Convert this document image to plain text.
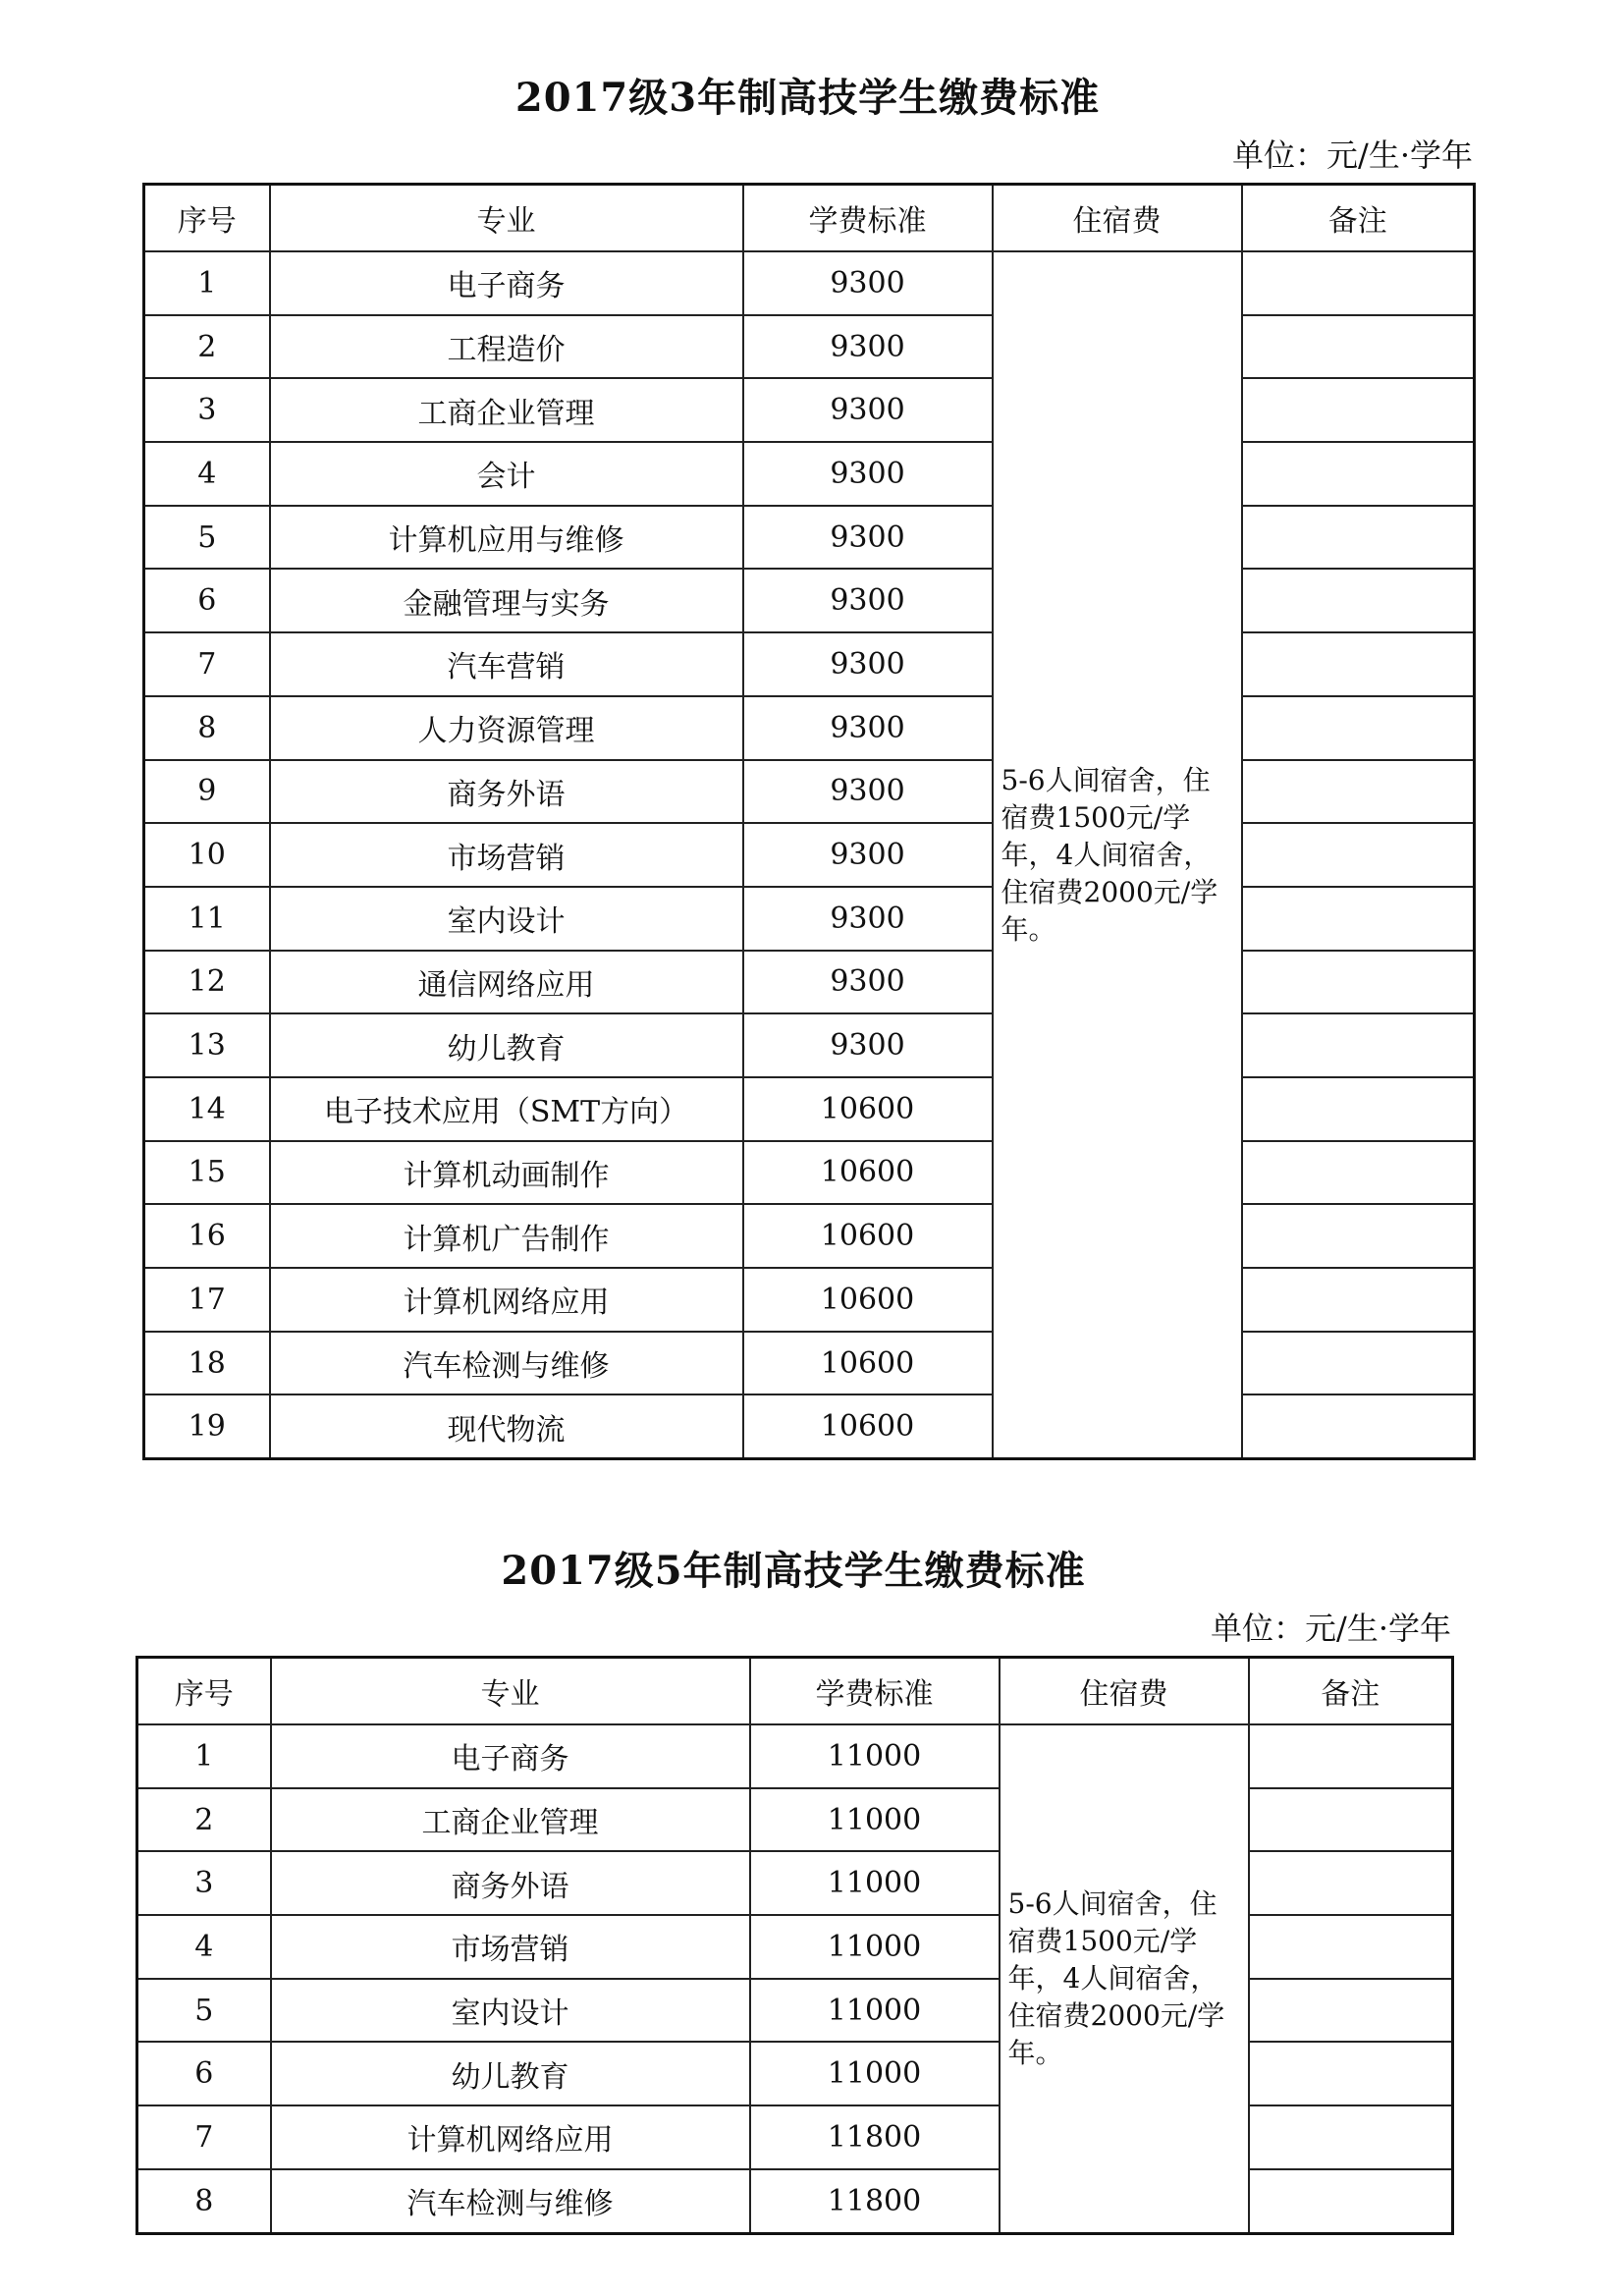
2017级3年制高技学生缴费标准

单位：元/生·学年

序号	专业	学费标准	住宿费	备注
1	电子商务	9300	5-6人间宿舍，住宿费1500元/学年，4人间宿舍，住宿费2000元/学年。	
2	工程造价	9300		
3	工商企业管理	9300		
4	会计	9300		
5	计算机应用与维修	9300		
6	金融管理与实务	9300		
7	汽车营销	9300		
8	人力资源管理	9300		
9	商务外语	9300		
10	市场营销	9300		
11	室内设计	9300		
12	通信网络应用	9300		
13	幼儿教育	9300		
14	电子技术应用（SMT方向）	10600		
15	计算机动画制作	10600		
16	计算机广告制作	10600		
17	计算机网络应用	10600		
18	汽车检测与维修	10600		
19	现代物流	10600		
2017级5年制高技学生缴费标准

单位：元/生·学年

序号	专业	学费标准	住宿费	备注
1	电子商务	11000	5-6人间宿舍，住宿费1500元/学年，4人间宿舍，住宿费2000元/学年。	
2	工商企业管理	11000		
3	商务外语	11000		
4	市场营销	11000		
5	室内设计	11000		
6	幼儿教育	11000		
7	计算机网络应用	11800		
8	汽车检测与维修	11800		
